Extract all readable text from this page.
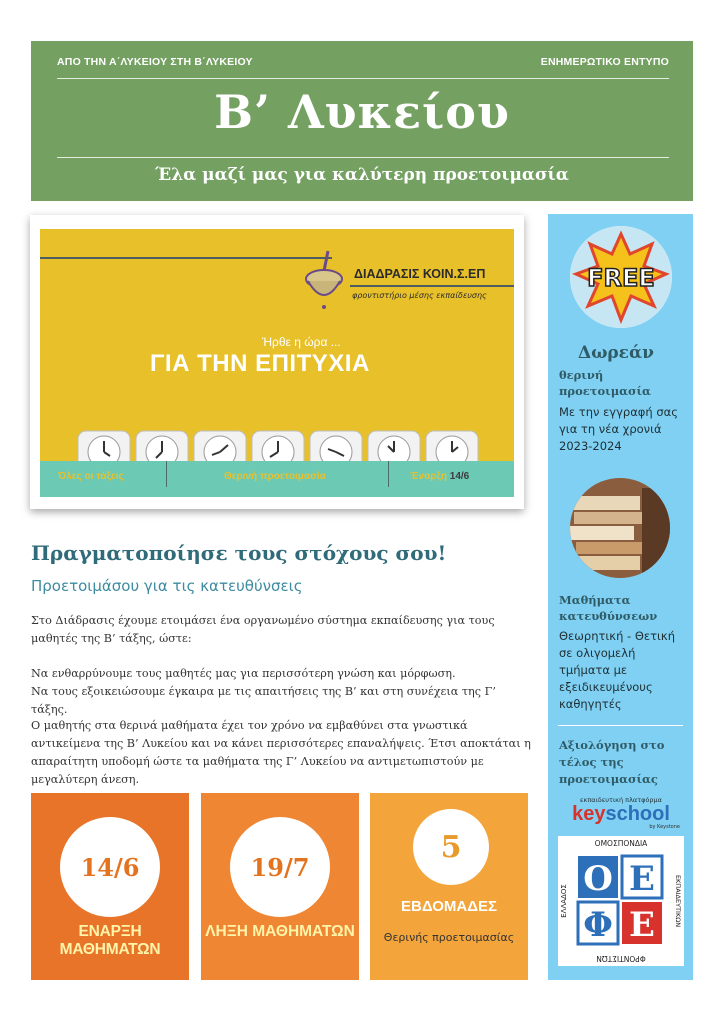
ΑΠΟ ΤΗΝ Α΄ΛΥΚΕΙΟΥ ΣΤΗ Β΄ΛΥΚΕΙΟΥ	ΕΝΗΜΕΡΩΤΙΚΟ ΕΝΤΥΠΟ
Β’ Λυκείου
Έλα μαζί μας για καλύτερη προετοιμασία
ΔΙΑΔΡΑΣΙΣ ΚΟΙΝ.Σ.ΕΠ
φροντιστήριο μέσης εκπαίδευσης
Ήρθε η ώρα ...
ΓΙΑ ΤΗΝ ΕΠΙΤΥΧΙΑ
Όλες οι τάξεις	Θερινή προετοιμασία	Έναρξη 14/6
Πραγματοποίησε τους στόχους σου!
Προετοιμάσου για τις κατευθύνσεις
Στο Διάδρασις έχουμε ετοιμάσει ένα οργανωμένο σύστημα εκπαίδευσης για τους μαθητές της Β’ τάξης, ώστε:
Να ενθαρρύνουμε τους μαθητές μας για περισσότερη γνώση και μόρφωση.
Να τους εξοικειώσουμε έγκαιρα με τις απαιτήσεις της Β’ και στη συνέχεια της Γ’ τάξης.
Ο μαθητής στα θερινά μαθήματα έχει τον χρόνο να εμβαθύνει στα γνωστικά αντικείμενα της Β’ Λυκείου και να κάνει περισσότερες επαναλήψεις. Έτσι αποκτάται η απαραίτητη υποδομή ώστε τα μαθήματα της Γ’ Λυκείου να αντιμετωπιστούν με μεγαλύτερη άνεση.
14/6
ΕΝΑΡΞΗ ΜΑΘΗΜΑΤΩΝ
19/7
ΛΗΞΗ ΜΑΘΗΜΑΤΩΝ
5
ΕΒΔΟΜΑΔΕΣ
Θερινής προετοιμασίας
FREE
Δωρεάν
θερινή προετοιμασία
Με την εγγραφή σας για τη νέα χρονιά 2023-2024
Μαθήματα κατευθύνσεων
Θεωρητική - Θετική σε ολιγομελή τμήματα με εξειδικευμένους καθηγητές
Αξιολόγηση στο τέλος της προετοιμασίας
εκπαιδευτική πλατφόρμα
keyschool
by Keystone
ΟΜΟΣΠΟΝΔΙΑ
ΦΡΟΝΤΙΣΤΩΝ
ΕΚΠΑΙΔΕΥΤΙΚΩΝ
ΕΛΛΑΔΟΣ
Ο Ε
Φ Ε
